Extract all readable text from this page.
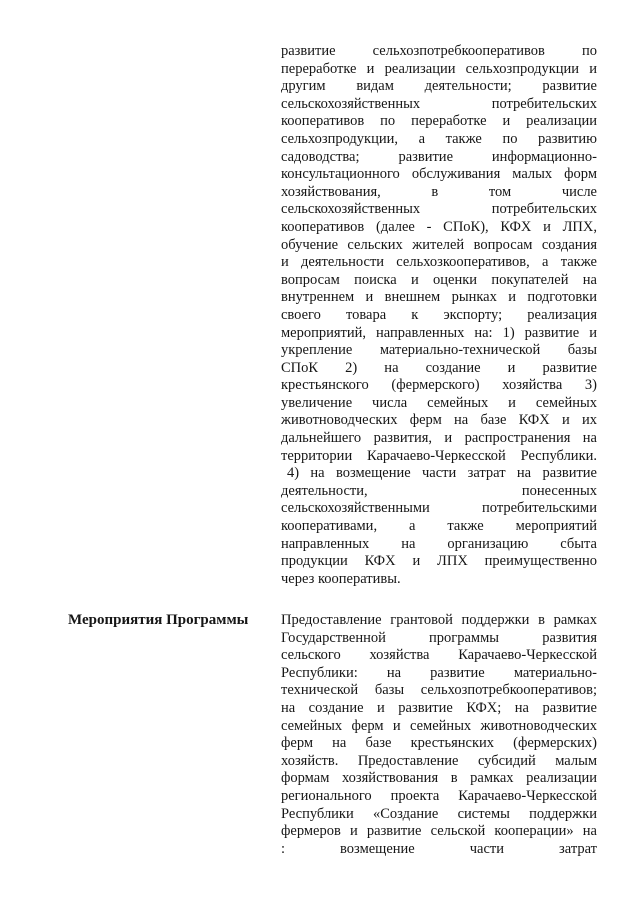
развитие сельхозпотребкооперативов по
переработке и реализации сельхозпродукции и
другим видам деятельности; развитие
сельскохозяйственных потребительских
кооперативов по переработке и реализации
сельхозпродукции, а также по развитию
садоводства; развитие информационно-
консультационного обслуживания малых форм
хозяйствования, в том числе
сельскохозяйственных потребительских
кооперативов (далее - СПоК), КФХ и ЛПХ,
обучение сельских жителей вопросам создания
и деятельности сельхозкооперативов, а также
вопросам поиска и оценки покупателей на
внутреннем и внешнем рынках и подготовки
своего товара к экспорту; реализация
мероприятий, направленных на: 1) развитие и
укрепление материально-технической базы
СПоК 2) на создание и развитие
крестьянского (фермерского) хозяйства 3)
увеличение числа семейных и семейных
животноводческих ферм на базе КФХ и их
дальнейшего развития, и распространения на
территории Карачаево-Черкесской Республики.
4) на возмещение части затрат на развитие
деятельности, понесенных
сельскохозяйственными потребительскими
кооперативами, а также мероприятий
направленных на организацию сбыта
продукции КФХ и ЛПХ преимущественно
через кооперативы.
Мероприятия Программы Предоставление грантовой поддержки в рамках
Государственной программы развития
сельского хозяйства Карачаево-Черкесской
Республики: на развитие материально-
технической базы сельхозпотребкооперативов;
на создание и развитие КФХ; на развитие
семейных ферм и семейных животноводческих
ферм на базе крестьянских (фермерских)
хозяйств. Предоставление субсидий малым
формам хозяйствования в рамках реализации
регионального проекта Карачаево-Черкесской
Республики «Создание системы поддержки
фермеров и развитие сельской кооперации» на
: возмещение части затрат
